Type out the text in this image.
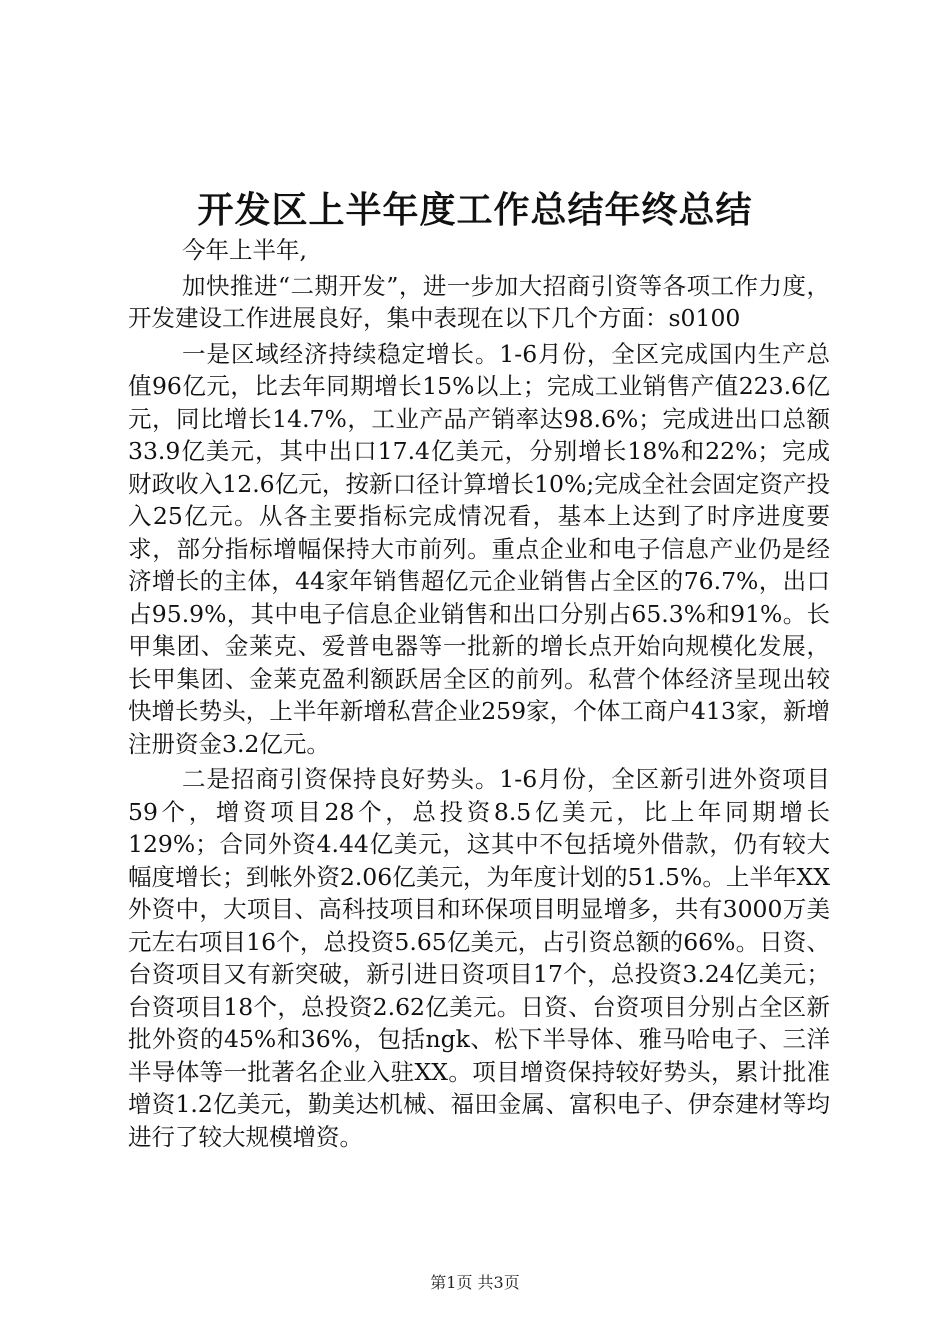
开发区上半年度工作总结年终总结

今年上半年,

加快推进“二期开发”，进一步加大招商引资等各项工作力度，开发建设工作进展良好，集中表现在以下几个方面：s0100

一是区域经济持续稳定增长。1-6月份，全区完成国内生产总值96亿元，比去年同期增长15%以上；完成工业销售产值223.6亿元，同比增长14.7%，工业产品产销率达98.6%；完成进出口总额33.9亿美元，其中出口17.4亿美元，分别增长18%和22%；完成财政收入12.6亿元，按新口径计算增长10%;完成全社会固定资产投入25亿元。从各主要指标完成情况看，基本上达到了时序进度要求，部分指标增幅保持大市前列。重点企业和电子信息产业仍是经济增长的主体，44家年销售超亿元企业销售占全区的76.7%，出口占95.9%，其中电子信息企业销售和出口分别占65.3%和91%。长甲集团、金莱克、爱普电器等一批新的增长点开始向规模化发展，长甲集团、金莱克盈利额跃居全区的前列。私营个体经济呈现出较快增长势头，上半年新增私营企业259家，个体工商户413家，新增注册资金3.2亿元。

二是招商引资保持良好势头。1-6月份，全区新引进外资项目59个，增资项目28个，总投资8.5亿美元，比上年同期增长129%；合同外资4.44亿美元，这其中不包括境外借款，仍有较大幅度增长；到帐外资2.06亿美元，为年度计划的51.5%。上半年XX外资中，大项目、高科技项目和环保项目明显增多，共有3000万美元左右项目16个，总投资5.65亿美元，占引资总额的66%。日资、台资项目又有新突破，新引进日资项目17个，总投资3.24亿美元；台资项目18个，总投资2.62亿美元。日资、台资项目分别占全区新批外资的45%和36%，包括ngk、松下半导体、雅马哈电子、三洋半导体等一批著名企业入驻XX。项目增资保持较好势头，累计批准增资1.2亿美元，勤美达机械、福田金属、富积电子、伊奈建材等均进行了较大规模增资。

第1页 共3页
